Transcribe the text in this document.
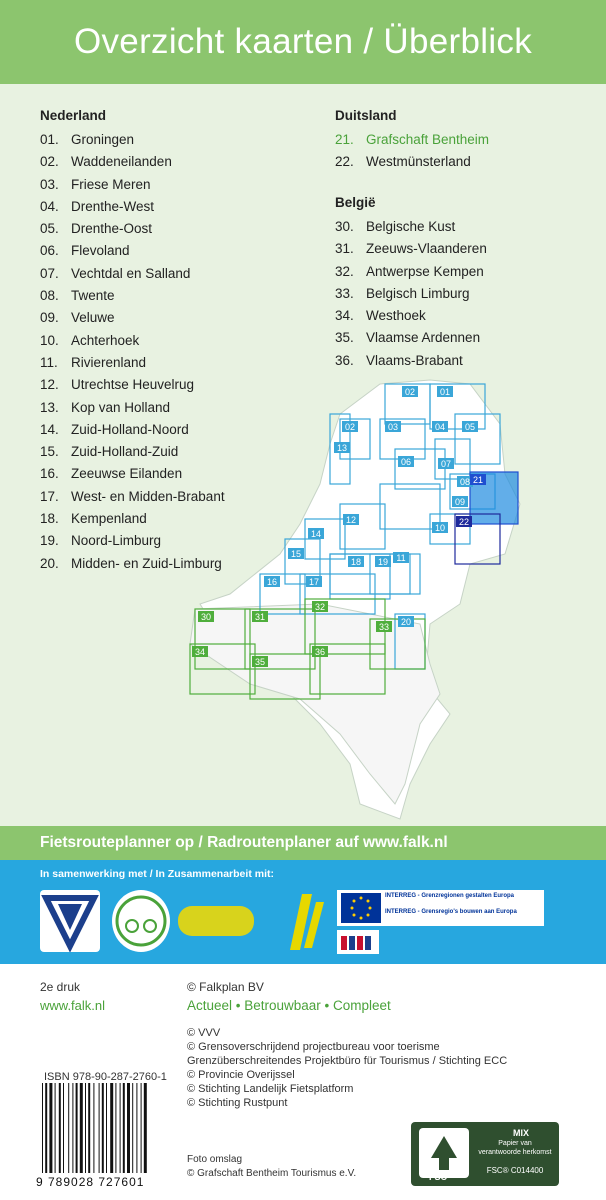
Overzicht kaarten / Überblick
Nederland
01. Groningen
02. Waddeneilanden
03. Friese Meren
04. Drenthe-West
05. Drenthe-Oost
06. Flevoland
07. Vechtdal en Salland
08. Twente
09. Veluwe
10. Achterhoek
11. Rivierenland
12. Utrechtse Heuvelrug
13. Kop van Holland
14. Zuid-Holland-Noord
15. Zuid-Holland-Zuid
16. Zeeuwse Eilanden
17. West- en Midden-Brabant
18. Kempenland
19. Noord-Limburg
20. Midden- en Zuid-Limburg
Duitsland
21. Grafschaft Bentheim
22. Westmünsterland
België
30. Belgische Kust
31. Zeeuws-Vlaanderen
32. Antwerpse Kempen
33. Belgisch Limburg
34. Westhoek
35. Vlaamse Ardennen
36. Vlaams-Brabant
01
02
02	03	04 05
06	07
08
09
10
11
12
13
14
15
16	17
18 19
20
21
22
30	31
32
33
34
35
36
Fietsrouteplanner op / Radroutenplaner auf www.falk.nl
In samenwerking met / In Zusammenarbeit mit:
INTERREG - Grenzregionen gestalten Europa
INTERREG - Grensregio's bouwen aan Europa
2e druk
www.falk.nl
© Falkplan BV
Actueel • Betrouwbaar • Compleet
© VVV
© Grensoverschrijdend projectbureau voor toerisme
Grenzüberschreitendes Projektbüro für Tourismus / Stichting ECC
© Provincie Overijssel
© Stichting Landelijk Fietsplatform
© Stichting Rustpunt
ISBN 978-90-287-2760-1
Foto omslag
© Grafschaft Bentheim Tourismus e.V.
9 789028 727601	FSC
MIX
Papier van
verantwoorde herkomst
FSC® C014400
